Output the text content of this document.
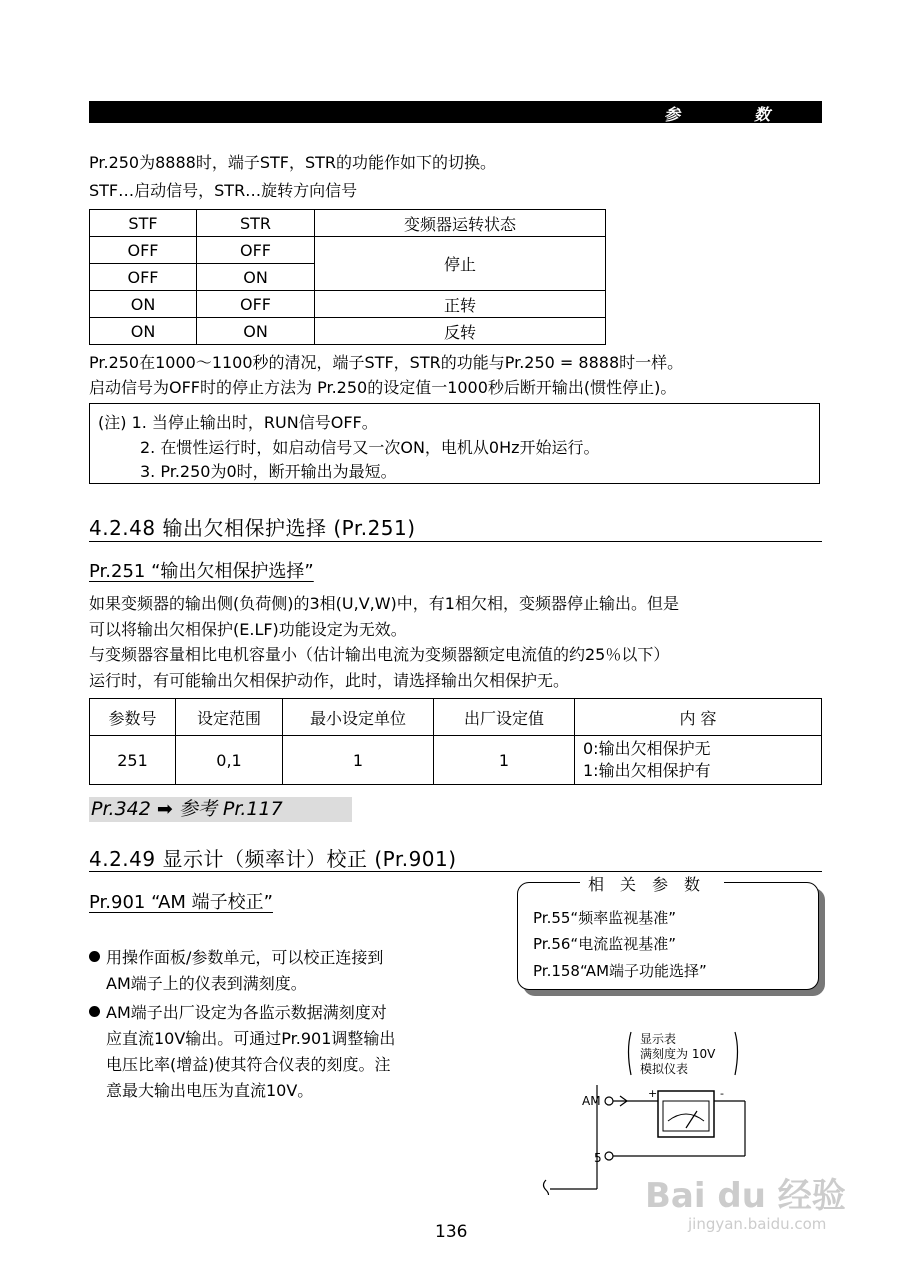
参	数
Pr.250为8888时，端子STF，STR的功能作如下的切换。
STF…启动信号，STR…旋转方向信号
STF	STR	变频器运转状态
OFF	OFF	停止
OFF	ON	
ON	OFF	正转
ON	ON	反转
Pr.250在1000～1100秒的清况，端子STF，STR的功能与Pr.250 = 8888时一样。
启动信号为OFF时的停止方法为 Pr.250的设定值一1000秒后断开输出(惯性停止)。
(注) 1. 当停止输出时，RUN信号OFF。
2. 在惯性运行时，如启动信号又一次ON，电机从0Hz开始运行。
3. Pr.250为0时，断开输出为最短。
4.2.48 输出欠相保护选择 (Pr.251)
Pr.251 “输出欠相保护选择”
如果变频器的输出侧(负荷侧)的3相(U,V,W)中，有1相欠相，变频器停止输出。但是
可以将输出欠相保护(E.LF)功能设定为无效。
与变频器容量相比电机容量小（估计输出电流为变频器额定电流值的约25％以下）
运行时，有可能输出欠相保护动作，此时，请选择输出欠相保护无。
参数号	设定范围	最小设定单位	出厂设定值	内 容
251	0,1	1	1	0:输出欠相保护无
1:输出欠相保护有
Pr.342 ➡ 参考 Pr.117
4.2.49 显示计（频率计）校正 (Pr.901)
Pr.901 “AM 端子校正”
相关参数
Pr.55“频率监视基准”
Pr.56“电流监视基准”
Pr.158“AM端子功能选择”
用操作面板/参数单元，可以校正连接到
AM端子上的仪表到满刻度。
AM端子出厂设定为各监示数据满刻度对
应直流10V输出。可通过Pr.901调整输出
电压比率(增益)使其符合仪表的刻度。注
意最大输出电压为直流10V。
显示表
满刻度为 10V
模拟仪表
AM
+	-
5
136
Bai du 经验
jingyan.baidu.com
